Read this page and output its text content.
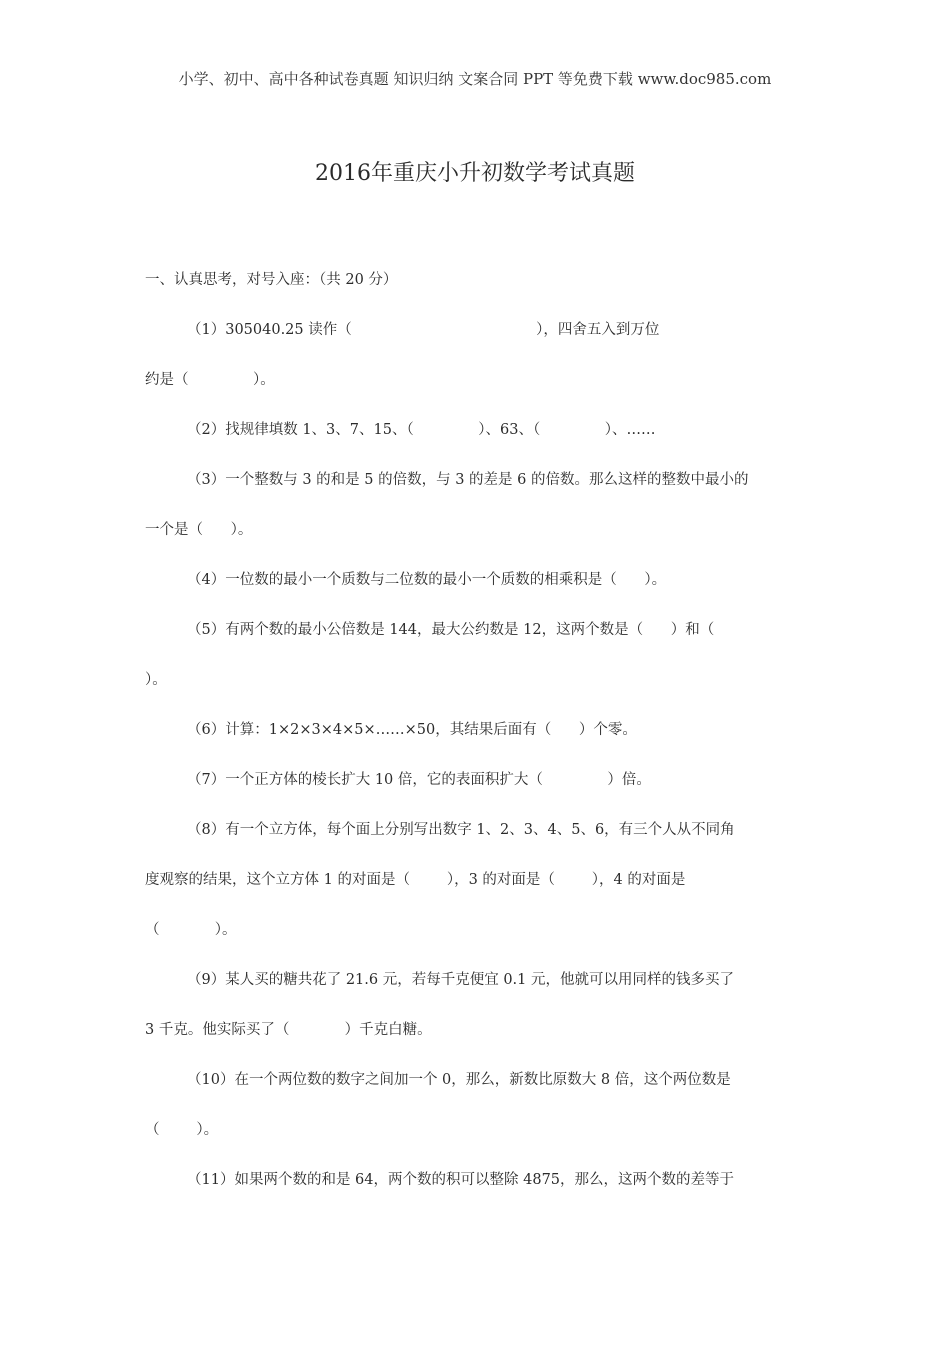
小学、初中、高中各种试卷真题 知识归纳 文案合同 PPT 等免费下载 www.doc985.com
2016年重庆小升初数学考试真题
一、认真思考，对号入座：（共 20 分）
（1）305040.25 读作（                                        ），四舍五入到万位
约是（              ）。
（2）找规律填数 1、3、7、15、（              ）、63、（              ）、……
（3）一个整数与 3 的和是 5 的倍数，与 3 的差是 6 的倍数。那么这样的整数中最小的
一个是（      ）。
（4）一位数的最小一个质数与二位数的最小一个质数的相乘积是（      ）。
（5）有两个数的最小公倍数是 144，最大公约数是 12，这两个数是（      ）和（
）。
（6）计算：1×2×3×4×5×……×50，其结果后面有（      ）个零。
（7）一个正方体的棱长扩大 10 倍，它的表面积扩大（              ）倍。
（8）有一个立方体，每个面上分别写出数字 1、2、3、4、5、6，有三个人从不同角
度观察的结果，这个立方体 1 的对面是（        ），3 的对面是（        ），4 的对面是
（            ）。
（9）某人买的糖共花了 21.6 元，若每千克便宜 0.1 元，他就可以用同样的钱多买了
3 千克。他实际买了（            ）千克白糖。
（10）在一个两位数的数字之间加一个 0，那么，新数比原数大 8 倍，这个两位数是
（        ）。
（11）如果两个数的和是 64，两个数的积可以整除 4875，那么，这两个数的差等于
